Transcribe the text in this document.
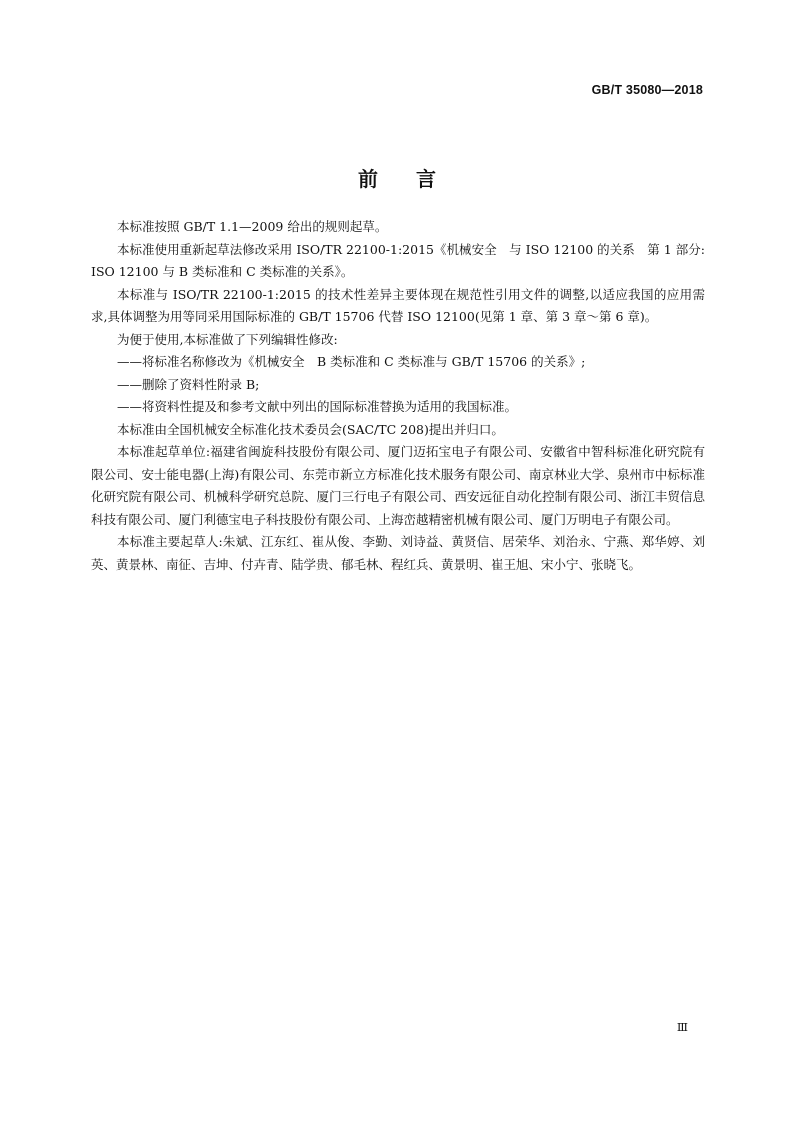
GB/T 35080—2018
前言

本标准按照 GB/T 1.1—2009 给出的规则起草。

本标准使用重新起草法修改采用 ISO/TR 22100-1:2015《机械安全　与 ISO 12100 的关系　第 1 部分:ISO 12100 与 B 类标准和 C 类标准的关系》。

本标准与 ISO/TR 22100-1:2015 的技术性差异主要体现在规范性引用文件的调整,以适应我国的应用需求,具体调整为用等同采用国际标准的 GB/T 15706 代替 ISO 12100(见第 1 章、第 3 章～第 6 章)。

为便于使用,本标准做了下列编辑性修改:

——将标准名称修改为《机械安全　B 类标准和 C 类标准与 GB/T 15706 的关系》;

——删除了资料性附录 B;

——将资料性提及和参考文献中列出的国际标准替换为适用的我国标准。

本标准由全国机械安全标准化技术委员会(SAC/TC 208)提出并归口。

本标准起草单位:福建省闽旋科技股份有限公司、厦门迈拓宝电子有限公司、安徽省中智科标准化研究院有限公司、安士能电器(上海)有限公司、东莞市新立方标准化技术服务有限公司、南京林业大学、泉州市中标标准化研究院有限公司、机械科学研究总院、厦门三行电子有限公司、西安远征自动化控制有限公司、浙江丰贸信息科技有限公司、厦门利德宝电子科技股份有限公司、上海峦越精密机械有限公司、厦门万明电子有限公司。

本标准主要起草人:朱斌、江东红、崔从俊、李勤、刘诗益、黄贤信、居荣华、刘治永、宁燕、郑华婷、刘英、黄景林、南征、吉坤、付卉青、陆学贵、郁毛林、程红兵、黄景明、崔王旭、宋小宁、张晓飞。

Ⅲ
